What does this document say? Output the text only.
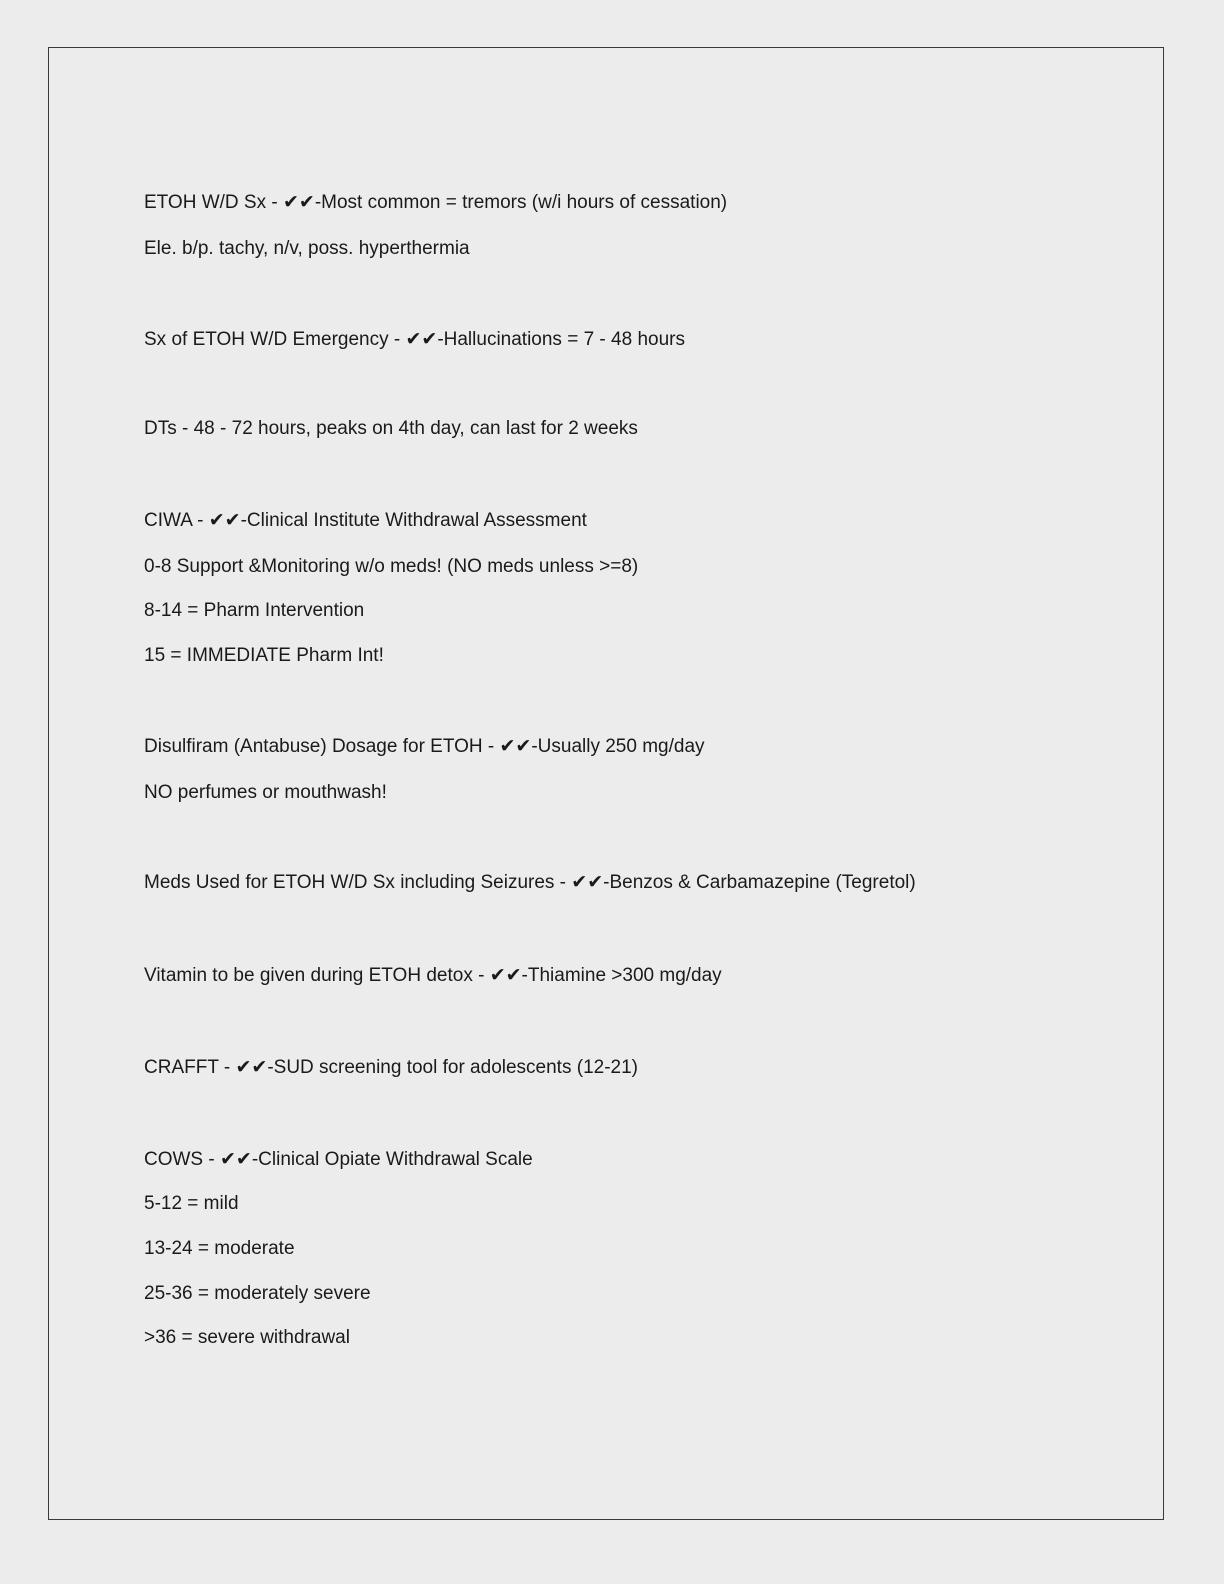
ETOH W/D Sx - ✔✔-Most common = tremors (w/i hours of cessation)

Ele. b/p. tachy, n/v, poss. hyperthermia

Sx of ETOH W/D Emergency - ✔✔-Hallucinations = 7 - 48 hours

DTs - 48 - 72 hours, peaks on 4th day, can last for 2 weeks

CIWA - ✔✔-Clinical Institute Withdrawal Assessment

0-8 Support &Monitoring w/o meds! (NO meds unless >=8)

8-14 = Pharm Intervention

15 = IMMEDIATE Pharm Int!

Disulfiram (Antabuse) Dosage for ETOH - ✔✔-Usually 250 mg/day

NO perfumes or mouthwash!

Meds Used for ETOH W/D Sx including Seizures - ✔✔-Benzos & Carbamazepine (Tegretol)

Vitamin to be given during ETOH detox - ✔✔-Thiamine >300 mg/day

CRAFFT - ✔✔-SUD screening tool for adolescents (12-21)

COWS - ✔✔-Clinical Opiate Withdrawal Scale

5-12 = mild

13-24 = moderate

25-36 = moderately severe

>36 = severe withdrawal
